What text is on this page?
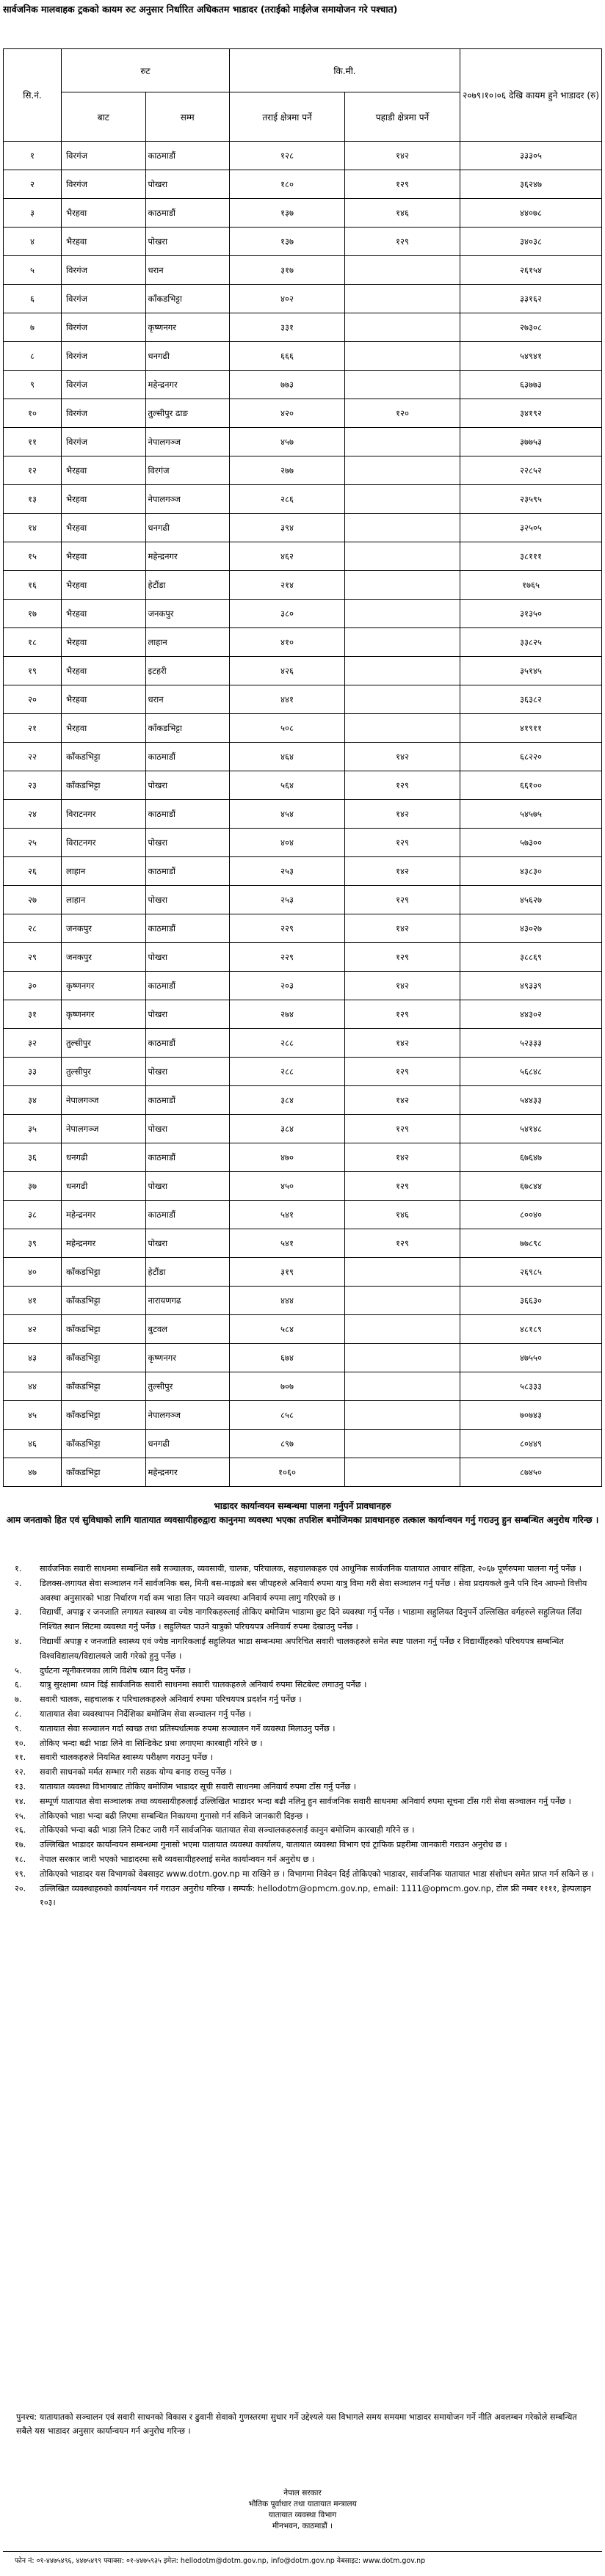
सार्वजनिक मालवाहक ट्रकको कायम रुट अनुसार निर्धारित अधिकतम भाडादर (तराईको माईलेज समायोजन गरे पश्चात)
सि.नं.	रुट		कि.मी.		२०७९।१०।०६ देखि कायम हुने भाडादर (रु)
	बाट	सम्म	तराई क्षेत्रमा पर्ने	पहाडी क्षेत्रमा पर्ने	
१	विरगंज	काठमाडौं	१२८	१४२	३३३०५
२	विरगंज	पोखरा	१८०	१२९	३६२४७
३	भैरहवा	काठमाडौं	१३७	१४६	४४०७८
४	भैरहवा	पोखरा	१३७	१२९	३४०३८
५	विरगंज	धरान	३१७		२६१५४
६	विरगंज	काँकडभिट्टा	४०२		३३१६२
७	विरगंज	कृष्णनगर	३३१		२७३०८
८	विरगंज	धनगढी	६६६		५४९४१
९	विरगंज	महेन्द्रनगर	७७३		६३७७३
१०	विरगंज	तुल्सीपुर ढाङ	४२०	१२०	३४१९२
११	विरगंज	नेपालगञ्ज	४५७		३७७५३
१२	भैरहवा	विरगंज	२७७		२२८५२
१३	भैरहवा	नेपालगञ्ज	२८६		२३५९५
१४	भैरहवा	धनगढी	३९४		३२५०५
१५	भैरहवा	महेन्द्रनगर	४६२		३८१११
१६	भैरहवा	हेटौंडा	२१४		१७६५
१७	भैरहवा	जनकपुर	३८०		३१३५०
१८	भैरहवा	लाहान	४१०		३३८२५
१९	भैरहवा	इटहरी	४२६		३५१४५
२०	भैरहवा	धरान	४४१		३६३८२
२१	भैरहवा	काँकडभिट्टा	५०८		४१९११
२२	काँकडभिट्टा	काठमाडौं	४६४	१४२	६८२२०
२३	काँकडभिट्टा	पोखरा	५६४	१२९	६६१००
२४	विराटनगर	काठमाडौं	४५४	१४२	५४५७५
२५	विराटनगर	पोखरा	४०४	१२९	५७३००
२६	लाहान	काठमाडौं	२५३	१४२	४३८३०
२७	लाहान	पोखरा	२५३	१२९	४५६२७
२८	जनकपुर	काठमाडौं	२२९	१४२	४३०२७
२९	जनकपुर	पोखरा	२२९	१२९	३८८६९
३०	कृष्णनगर	काठमाडौं	२०३	१४२	४९३३९
३१	कृष्णनगर	पोखरा	२७४	१२९	४४३०२
३२	तुल्सीपुर	काठमाडौं	२८८	१४२	५२३३३
३३	तुल्सीपुर	पोखरा	२८८	१२९	५६८४८
३४	नेपालगञ्ज	काठमाडौं	३८४	१४२	५४४३३
३५	नेपालगञ्ज	पोखरा	३८४	१२९	५४१४८
३६	धनगढी	काठमाडौं	४७०	१४२	६७६४७
३७	धनगढी	पोखरा	४५०	१२९	६७८४४
३८	महेन्द्रनगर	काठमाडौं	५४१	१४६	८००४०
३९	महेन्द्रनगर	पोखरा	५४१	१२९	७७८९८
४०	काँकडभिट्टा	हेटौंडा	३१९		२६९८५
४१	काँकडभिट्टा	नारायणगढ	४४४		३६६३०
४२	काँकडभिट्टा	बुटवल	५८४		४८१८९
४३	काँकडभिट्टा	कृष्णनगर	६७४		४७५५०
४४	काँकडभिट्टा	तुल्सीपुर	७०७		५८३३३
४५	काँकडभिट्टा	नेपालगञ्ज	८५८		७०७४३
४६	काँकडभिट्टा	धनगढी	८९७		८०४४९
४७	काँकडभिट्टा	महेन्द्रनगर	१०६०		८७४५०
भाडादर कार्यान्वयन सम्बन्धमा पालना गर्नुपर्ने प्रावधानहरु
आम जनताको हित एवं सुविधाको लागि यातायात व्यवसायीहरुद्वारा कानुनमा व्यवस्था भएका तपशिल बमोजिमका प्रावधानहरु तत्काल कार्यान्वयन गर्नु गराउनु हुन सम्बन्धित अनुरोध गरिन्छ ।
१.	सार्वजनिक सवारी साधनमा सम्बन्धित सबै सञ्चालक, व्यवसायी, चालक, परिचालक, सहचालकहरु एवं आधुनिक सार्वजनिक यातायात आचार संहिता, २०६७ पूर्णरुपमा पालना गर्नु पर्नेछ ।
२.	डिलक्स-लगायत सेवा सञ्चालन गर्ने सार्वजनिक बस, मिनी बस-माइक्रो बस जीपहरुले अनिवार्य रुपमा यात्रु विमा गरी सेवा सञ्चालन गर्नु पर्नेछ । सेवा प्रदायकले कुनै पनि दिन आफ्नो वित्तीय अवस्था अनुसारको भाडा निर्धारण गर्दा कम भाडा लिन पाउने व्यवस्था अनिवार्य रुपमा लागु गरिएको छ ।
३.	विद्यार्थी, अपाङ्ग र जनजाति लगायत स्वास्थ्य वा ज्येष्ठ नागरिकहरुलाई तोकिए बमोजिम भाडामा छुट दिने व्यवस्था गर्नु पर्नेछ । भाडामा सहुलियत दिनुपर्ने उल्लिखित वर्गहरुले सहुलियत लिँदा निश्चित स्थान सिटमा व्यवस्था गर्नु पर्नेछ । सहुलियत पाउने यात्रुको परिचयपत्र अनिवार्य रुपमा देखाउनु पर्नेछ ।
४.	विद्यार्थी अपाङ्ग र जनजाति स्वास्थ्य एवं ज्येष्ठ नागरिकलाई सहुलियत भाडा सम्बन्धमा अपरिचित सवारी चालकहरुले समेत स्पष्ट पालना गर्नु पर्नेछ र विद्यार्थीहरुको परिचयपत्र सम्बन्धित विश्वविद्यालय/विद्यालयले जारी गरेको हुनु पर्नेछ ।
५.	दुर्घटना न्यूनीकरणका लागि विशेष ध्यान दिनु पर्नेछ ।
६.	यात्रु सुरक्षामा ध्यान दिई सार्वजनिक सवारी साधनमा सवारी चालकहरुले अनिवार्य रुपमा सिटबेल्ट लगाउनु पर्नेछ ।
७.	सवारी चालक, सहचालक र परिचालकहरुले अनिवार्य रुपमा परिचयपत्र प्रदर्शन गर्नु पर्नेछ ।
८.	यातायात सेवा व्यवस्थापन निर्देशिका बमोजिम सेवा सञ्चालन गर्नु पर्नेछ ।
९.	यातायात सेवा सञ्चालन गर्दा स्वच्छ तथा प्रतिस्पर्धात्मक रुपमा सञ्चालन गर्ने व्यवस्था मिलाउनु पर्नेछ ।
१०.	तोकिए भन्दा बढी भाडा लिने वा सिन्डिकेट प्रथा लगाएमा कारबाही गरिने छ ।
११.	सवारी चालकहरुले नियमित स्वास्थ्य परीक्षण गराउनु पर्नेछ ।
१२.	सवारी साधनको मर्मत सम्भार गरी सडक योग्य बनाइ राख्नु पर्नेछ ।
१३.	यातायात व्यवस्था विभागबाट तोकिए बमोजिम भाडादर सूची सवारी साधनमा अनिवार्य रुपमा टाँस गर्नु पर्नेछ ।
१४.	सम्पूर्ण यातायात सेवा सञ्चालक तथा व्यवसायीहरुलाई उल्लिखित भाडादर भन्दा बढी नलिनु हुन सार्वजनिक सवारी साधनमा अनिवार्य रुपमा सूचना टाँस गरी सेवा सञ्चालन गर्नु पर्नेछ ।
१५.	तोकिएको भाडा भन्दा बढी लिएमा सम्बन्धित निकायमा गुनासो गर्न सकिने जानकारी दिइन्छ ।
१६.	तोकिएको भन्दा बढी भाडा लिने टिकट जारी गर्ने सार्वजनिक यातायात सेवा सञ्चालकहरुलाई कानुन बमोजिम कारबाही गरिने छ ।
१७.	उल्लिखित भाडादर कार्यान्वयन सम्बन्धमा गुनासो भएमा यातायात व्यवस्था कार्यालय, यातायात व्यवस्था विभाग एवं ट्राफिक प्रहरीमा जानकारी गराउन अनुरोध छ ।
१८.	नेपाल सरकार जारी भएको भाडादरमा सबै व्यवसायीहरुलाई समेत कार्यान्वयन गर्न अनुरोध छ ।
१९.	तोकिएको भाडादर यस विभागको वेबसाइट www.dotm.gov.np मा राखिने छ । विभागमा निवेदन दिई तोकिएको भाडादर, सार्वजनिक यातायात भाडा संशोधन समेत प्राप्त गर्न सकिने छ ।
२०.	उल्लिखित व्यवस्थाहरुको कार्यान्वयन गर्न गराउन अनुरोध गरिन्छ । सम्पर्क: hellodotm@opmcm.gov.np, email: 1111@opmcm.gov.np, टोल फ्री नम्बर ११११, हेल्पलाइन १०३।
पुनश्च: यातायातको सञ्चालन एवं सवारी साधनको विकास र ढुवानी सेवाको गुणस्तरमा सुधार गर्ने उद्देश्यले यस विभागले समय समयमा भाडादर समायोजन गर्ने नीति अवलम्बन गरेकोले सम्बन्धित सबैले यस भाडादर अनुसार कार्यान्वयन गर्न अनुरोध गरिन्छ ।
नेपाल सरकार
भौतिक पूर्वाधार तथा यातायात मन्त्रालय
यातायात व्यवस्था विभाग
मीनभवन, काठमाडौं ।
फोन नं: ०१-४४७५४९६, ४४७५४९९ फ्याक्स: ०१-४४७५९३५ इमेल: hellodotm@dotm.gov.np, info@dotm.gov.np वेबसाइट: www.dotm.gov.np
